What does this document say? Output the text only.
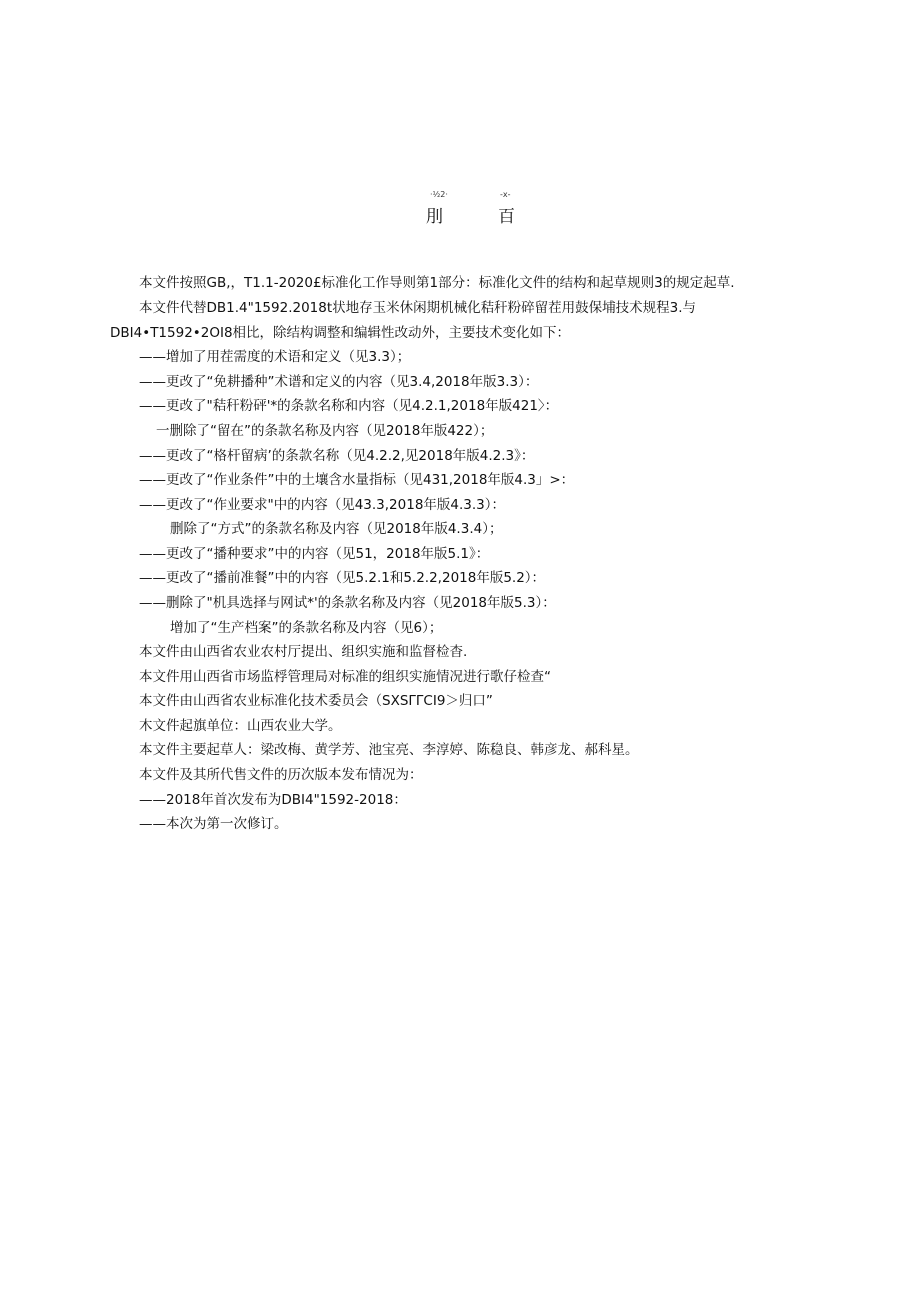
·½2·	-x-
刖	百
本文件按照GB,，T1.1-2020£标准化工作导则第1部分：标准化文件的结构和起草规则3的规定起草.
本文件代替DB1.4"1592.2018t状地存玉米休闲期机械化秸秆粉碎留茬用鼓保埔技术规程3.与
DBI4•T1592•2OI8相比，除结构调整和编辑性改动外，主要技术变化如下：
——增加了用茬需度的术语和定义（见3.3）；
——更改了“免耕播种”术谱和定义的内容（见3.4,2018年版3.3）：
——更改了"秸秆粉砰'*的条款名称和内容（见4.2.1,2018年版421〉：
一删除了“留在”的条款名称及内容（见2018年版422）；
——更改了“格杆留病’的条款名称（见4.2.2,见2018年版4.2.3》：
——更改了“作业条件”中的土壤含水量指标（见431,2018年版4.3」>：
——更改了“作业要求"中的内容（见43.3,2018年版4.3.3）：
删除了“方式”的条款名称及内容（见2018年版4.3.4）；
——更改了“播种要求”中的内容（见51，2018年版5.1》：
——更改了“播前准餐”中的内容（见5.2.1和5.2.2,2018年版5.2）：
——删除了"机具选择与网试*'的条款名称及内容（见2018年版5.3）：
增加了“生产档案”的条款名称及内容（见6）；
本文件由山西省农业农村厅提出、组织实施和监督检杳.
本文件用山西省市场监桴管理局对标准的组织实施情况进行歌仔检查“
本文件由山西省农业标准化技术委员会（SXSΓΓCI9＞归口”
木文件起旗单位：山西农业大学。
本文件主要起草人：梁改梅、黄学芳、池宝亮、李淳婷、陈稳良、韩彦龙、郝科星。
本文件及其所代售文件的历次版本发布情况为：
——2018年首次发布为DBI4"1592-2018：
——本次为第一次修订。
